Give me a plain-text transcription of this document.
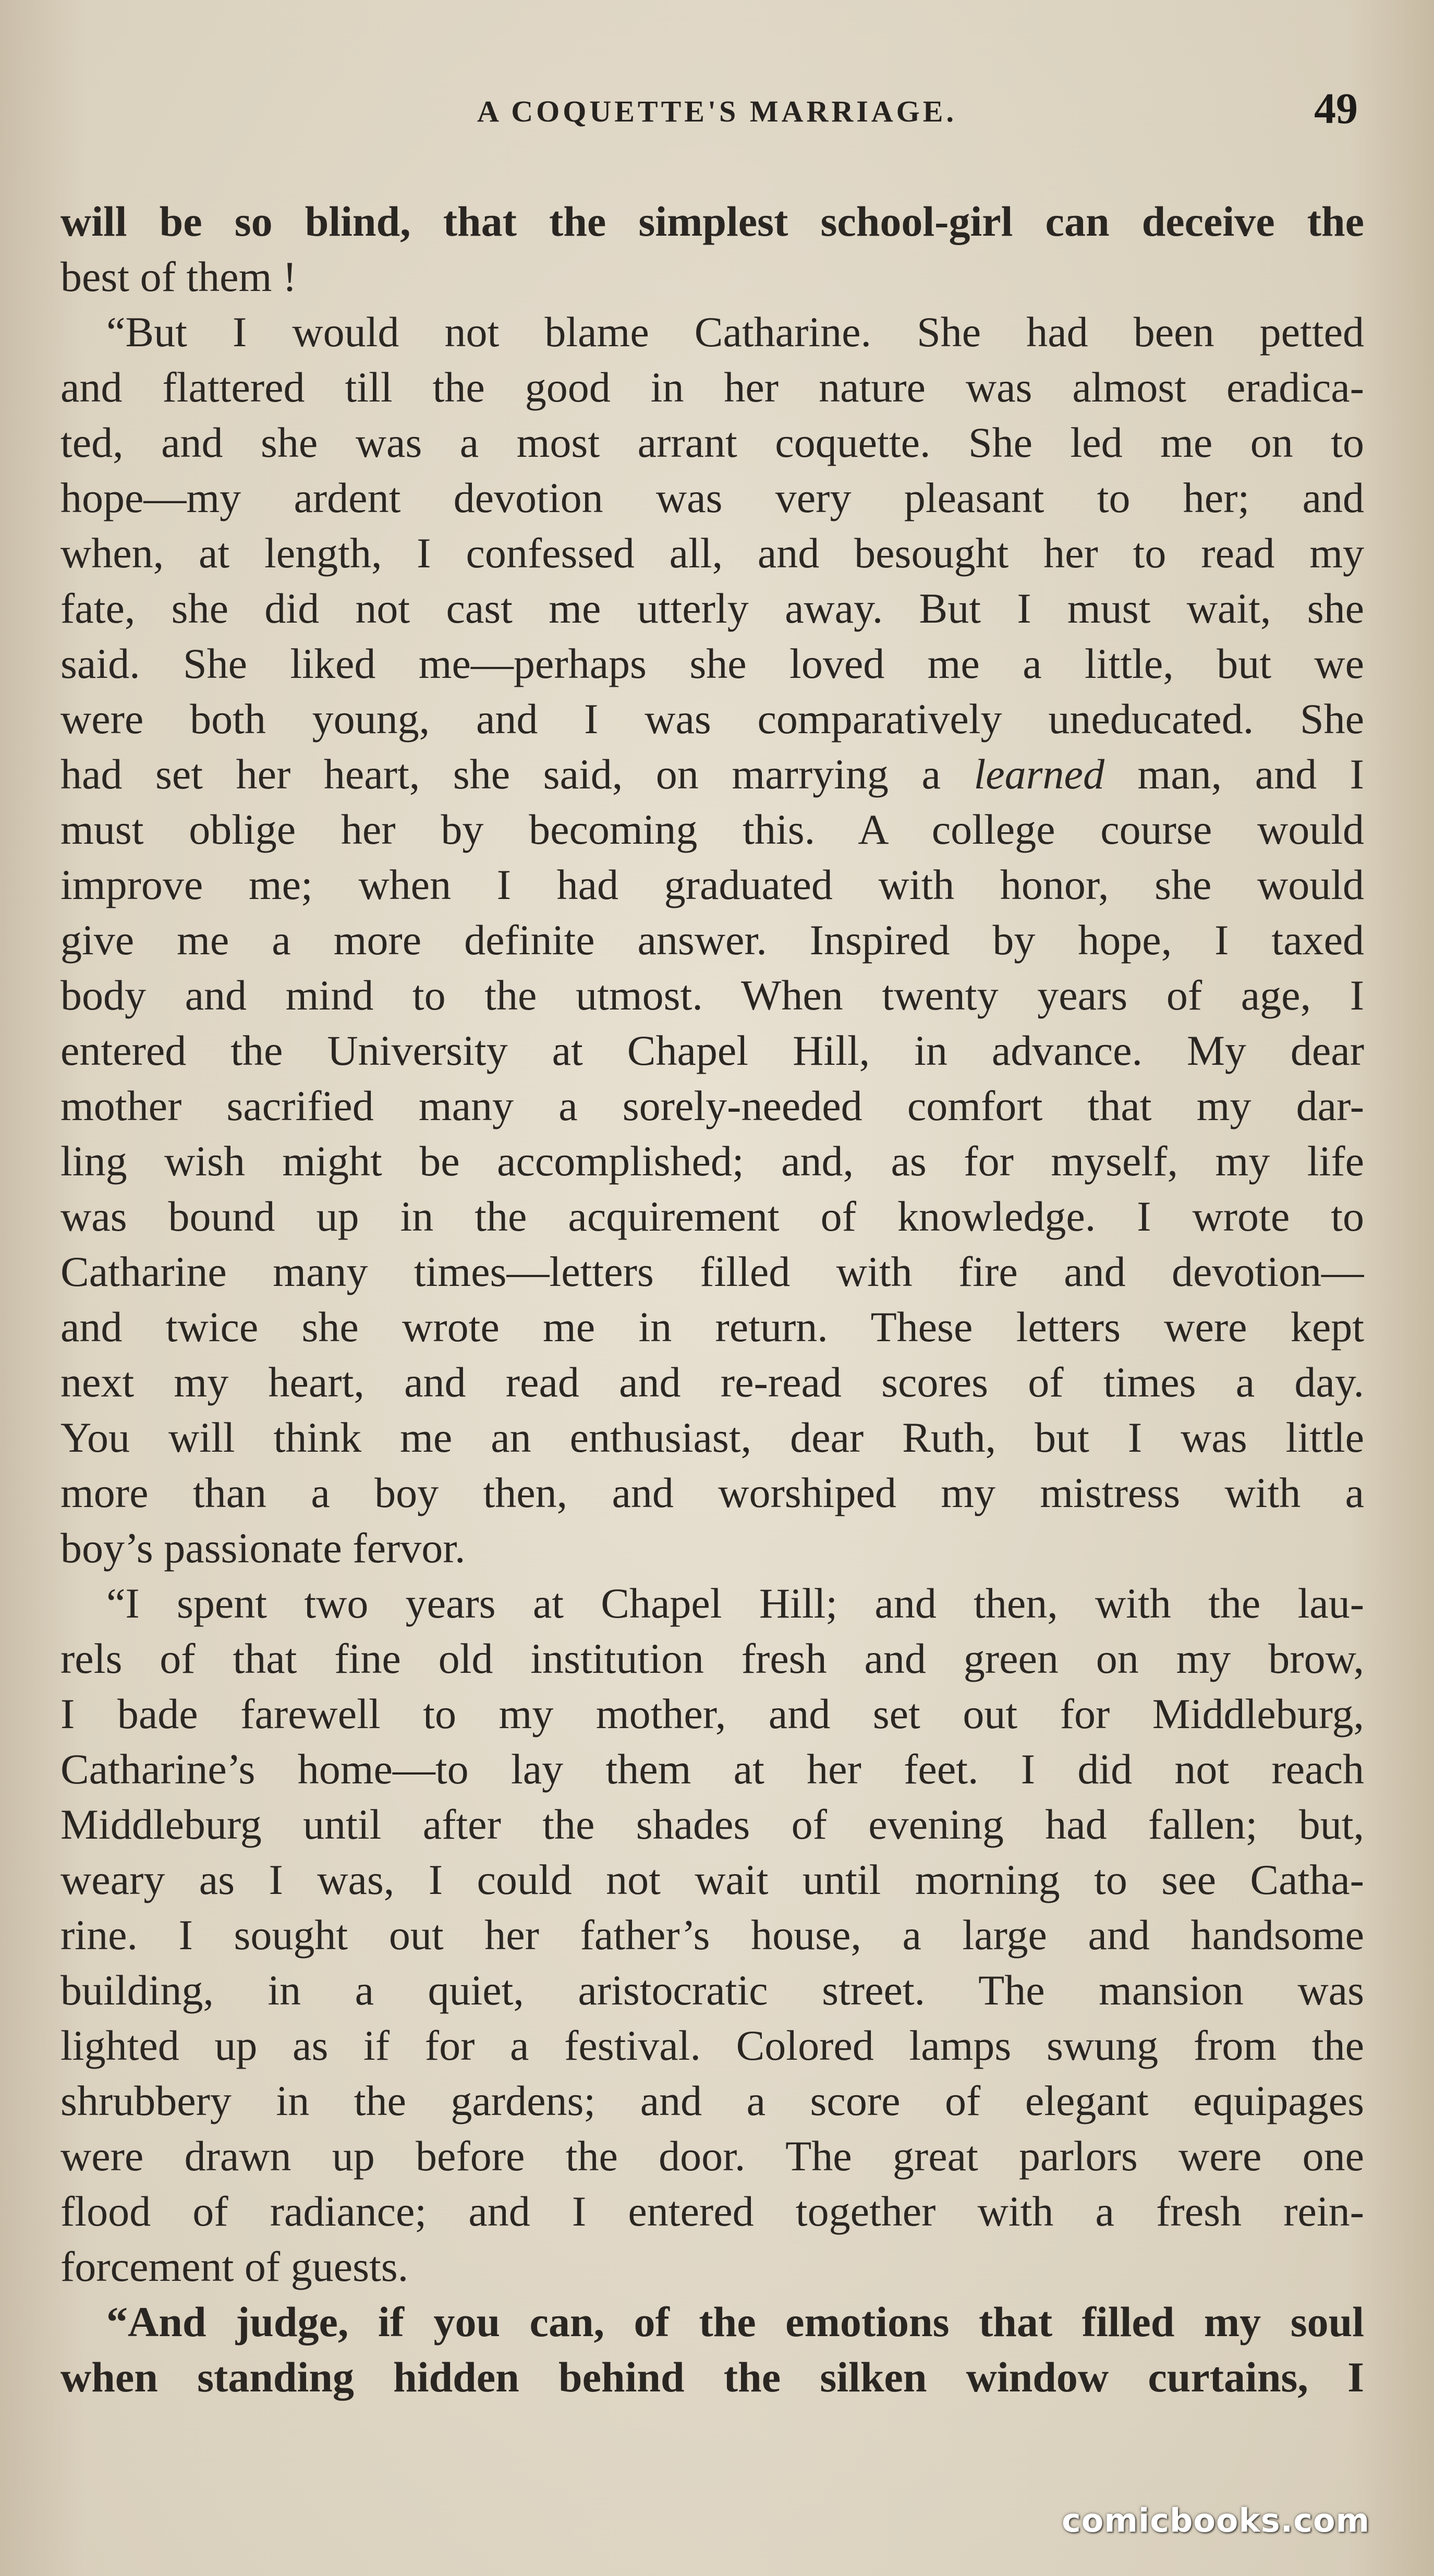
A COQUETTE'S MARRIAGE.	49
will be so blind, that the simplest school-girl can deceive the
best of them !
“But I would not blame Catharine. She had been petted
and flattered till the good in her nature was almost eradica-
ted, and she was a most arrant coquette. She led me on to
hope—my ardent devotion was very pleasant to her; and
when, at length, I confessed all, and besought her to read my
fate, she did not cast me utterly away. But I must wait, she
said. She liked me—perhaps she loved me a little, but we
were both young, and I was comparatively uneducated. She
had set her heart, she said, on marrying a learned man, and I
must oblige her by becoming this. A college course would
improve me; when I had graduated with honor, she would
give me a more definite answer. Inspired by hope, I taxed
body and mind to the utmost. When twenty years of age, I
entered the University at Chapel Hill, in advance. My dear
mother sacrified many a sorely-needed comfort that my dar-
ling wish might be accomplished; and, as for myself, my life
was bound up in the acquirement of knowledge. I wrote to
Catharine many times—letters filled with fire and devotion—
and twice she wrote me in return. These letters were kept
next my heart, and read and re-read scores of times a day.
You will think me an enthusiast, dear Ruth, but I was little
more than a boy then, and worshiped my mistress with a
boy’s passionate fervor.
“I spent two years at Chapel Hill; and then, with the lau-
rels of that fine old institution fresh and green on my brow,
I bade farewell to my mother, and set out for Middleburg,
Catharine’s home—to lay them at her feet. I did not reach
Middleburg until after the shades of evening had fallen; but,
weary as I was, I could not wait until morning to see Catha-
rine. I sought out her father’s house, a large and handsome
building, in a quiet, aristocratic street. The mansion was
lighted up as if for a festival. Colored lamps swung from the
shrubbery in the gardens; and a score of elegant equipages
were drawn up before the door. The great parlors were one
flood of radiance; and I entered together with a fresh rein-
forcement of guests.
“And judge, if you can, of the emotions that filled my soul
when standing hidden behind the silken window curtains, I
comicbooks.com
